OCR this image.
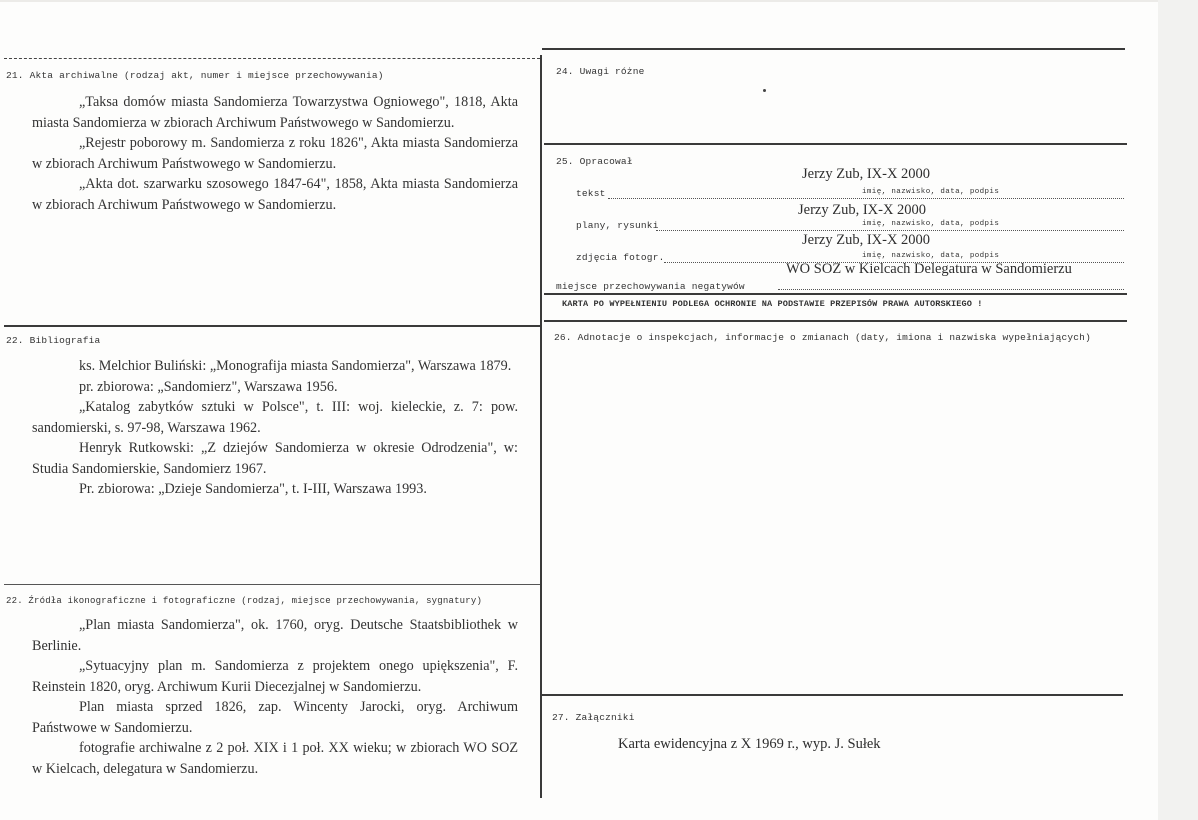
21. Akta archiwalne (rodzaj akt, numer i miejsce przechowywania)

„Taksa domów miasta Sandomierza Towarzystwa Ogniowego", 1818, Akta miasta Sandomierza w zbiorach Archiwum Państwowego w Sandomierzu.

„Rejestr poborowy m. Sandomierza z roku 1826", Akta miasta Sandomierza w zbiorach Archiwum Państwowego w Sandomierzu.

„Akta dot. szarwarku szosowego 1847-64", 1858, Akta miasta Sandomierza w zbiorach Archiwum Państwowego w Sandomierzu.

22. Bibliografia

ks. Melchior Buliński: „Monografija miasta Sandomierza", Warszawa 1879.

pr. zbiorowa: „Sandomierz", Warszawa 1956.

„Katalog zabytków sztuki w Polsce", t. III: woj. kieleckie, z. 7: pow. sandomierski, s. 97-98, Warszawa 1962.

Henryk Rutkowski: „Z dziejów Sandomierza w okresie Odrodzenia", w: Studia Sandomierskie, Sandomierz 1967.

Pr. zbiorowa: „Dzieje Sandomierza", t. I-III, Warszawa 1993.

22. Źródła ikonograficzne i fotograficzne (rodzaj, miejsce przechowywania, sygnatury)

„Plan miasta Sandomierza", ok. 1760, oryg. Deutsche Staatsbibliothek w Berlinie.

„Sytuacyjny plan m. Sandomierza z projektem onego upiększenia", F. Reinstein 1820, oryg. Archiwum Kurii Diecezjalnej w Sandomierzu.

Plan miasta sprzed 1826, zap. Wincenty Jarocki, oryg. Archiwum Państwowe w Sandomierzu.

fotografie archiwalne z 2 poł. XIX i 1 poł. XX wieku; w zbiorach WO SOZ w Kielcach, delegatura w Sandomierzu.

24. Uwagi różne
25. Opracował
Jerzy Zub, IX-X 2000
tekst	imię, nazwisko, data, podpis
Jerzy Zub, IX-X 2000
plany, rysunki	imię, nazwisko, data, podpis
Jerzy Zub, IX-X 2000
zdjęcia fotogr.	imię, nazwisko, data, podpis
WO SOZ w Kielcach Delegatura w Sandomierzu
miejsce przechowywania negatywów
KARTA PO WYPEŁNIENIU PODLEGA OCHRONIE NA PODSTAWIE PRZEPISÓW PRAWA AUTORSKIEGO !
26. Adnotacje o inspekcjach, informacje o zmianach (daty, imiona i nazwiska wypełniających)
27. Załączniki
Karta ewidencyjna z X 1969 r., wyp. J. Sułek
